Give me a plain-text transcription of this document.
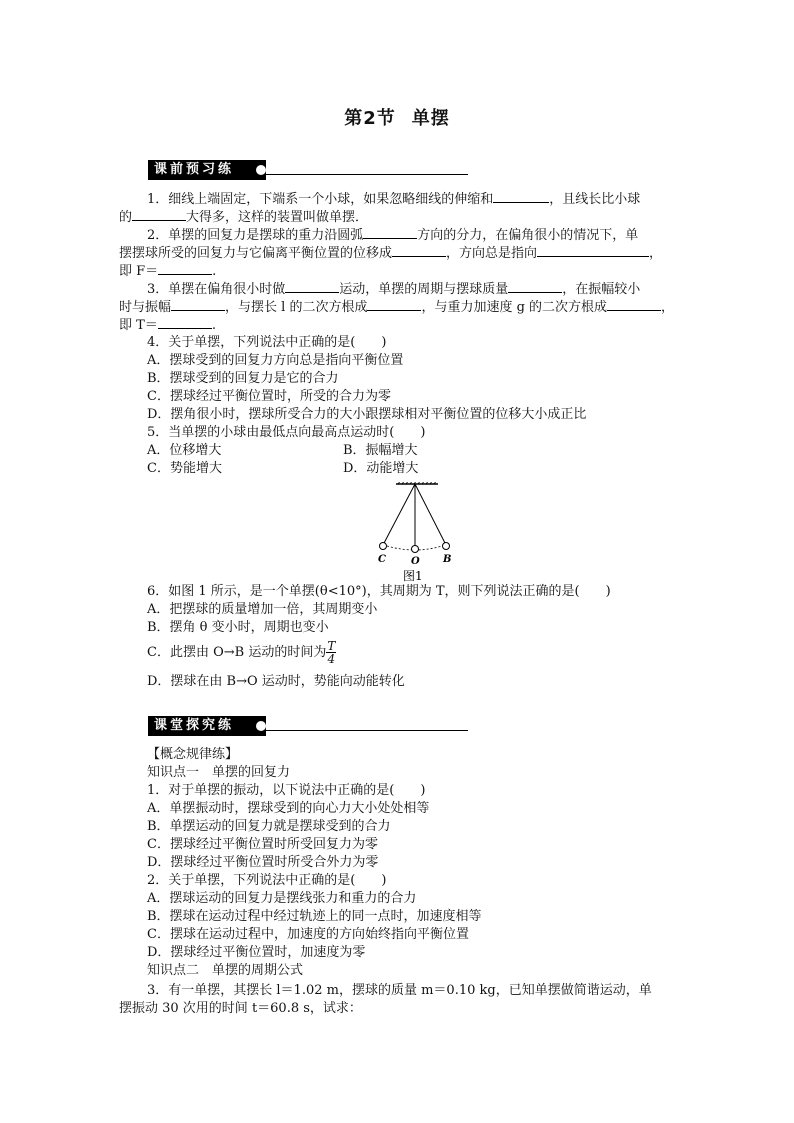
第2节 单摆
课前预习练
1．细线上端固定，下端系一个小球，如果忽略细线的伸缩和	，且线长比小球
的	大得多，这样的装置叫做单摆．
2．单摆的回复力是摆球的重力沿圆弧	方向的分力，在偏角很小的情况下，单
摆摆球所受的回复力与它偏离平衡位置的位移成	，方向总是指向	，
即 F＝	.
3．单摆在偏角很小时做	运动，单摆的周期与摆球质量	，在振幅较小
时与振幅	，与摆长 l 的二次方根成	，与重力加速度 g 的二次方根成	，
即 T＝	.
4．关于单摆，下列说法中正确的是(　　)
A．摆球受到的回复力方向总是指向平衡位置
B．摆球受到的回复力是它的合力
C．摆球经过平衡位置时，所受的合力为零
D．摆角很小时，摆球所受合力的大小跟摆球相对平衡位置的位移大小成正比
5．当单摆的小球由最低点向最高点运动时(　　)
A．位移增大	B．振幅增大
C．势能增大	D．动能增大
C	O B
图1
6．如图 1 所示，是一个单摆(θ<10°)，其周期为 T，则下列说法正确的是(　　)
A．把摆球的质量增加一倍，其周期变小
B．摆角 θ 变小时，周期也变小
C．此摆由 O→B 运动的时间为 $\frac{T}{4}$
D．摆球在由 B→O 运动时，势能向动能转化
课堂探究练
【概念规律练】
知识点一　单摆的回复力
1．对于单摆的振动，以下说法中正确的是(　　)
A．单摆振动时，摆球受到的向心力大小处处相等
B．单摆运动的回复力就是摆球受到的合力
C．摆球经过平衡位置时所受回复力为零
D．摆球经过平衡位置时所受合外力为零
2．关于单摆，下列说法中正确的是(　　)
A．摆球运动的回复力是摆线张力和重力的合力
B．摆球在运动过程中经过轨迹上的同一点时，加速度相等
C．摆球在运动过程中，加速度的方向始终指向平衡位置
D．摆球经过平衡位置时，加速度为零
知识点二　单摆的周期公式
3．有一单摆，其摆长 l＝1.02 m，摆球的质量 m＝0.10 kg，已知单摆做简谐运动，单
摆振动 30 次用的时间 t＝60.8 s，试求：
